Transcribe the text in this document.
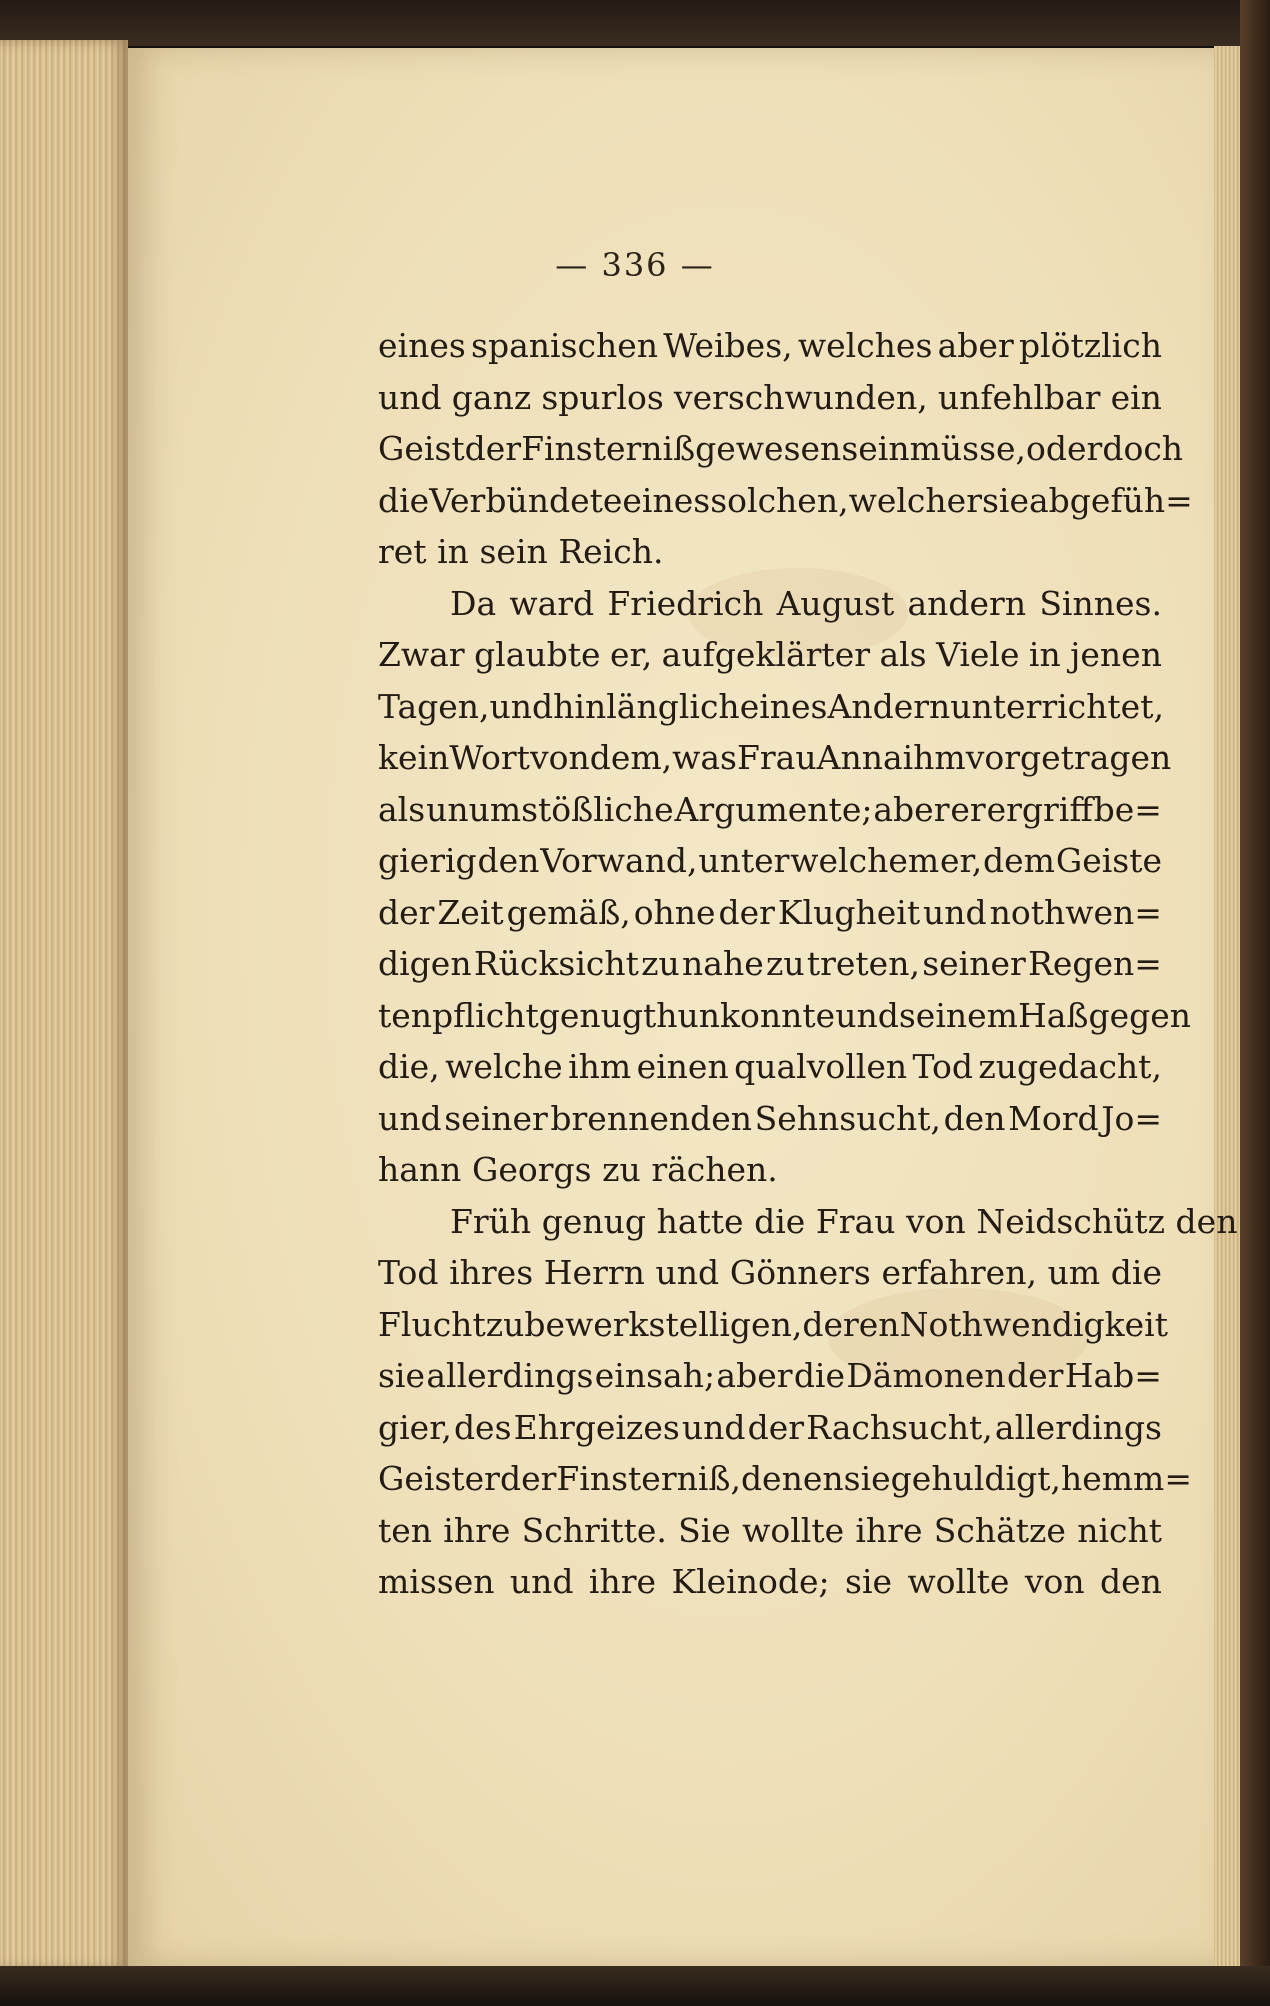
— 336 —
eines spanischen Weibes, welches aber plötzlich
und ganz spurlos verschwunden, unfehlbar ein
Geist der Finsterniß gewesen sein müsse, oder doch
die Verbündete eines solchen, welcher sie abgefüh=
ret in sein Reich.
Da ward Friedrich August andern Sinnes.
Zwar glaubte er, aufgeklärter als Viele in jenen
Tagen, und hinlänglich eines Andern unterrichtet,
kein Wort von dem, was Frau Anna ihm vorgetragen
als unumstößliche Argumente; aber er ergriff be=
gierig den Vorwand, unter welchem er, dem Geiste
der Zeit gemäß, ohne der Klugheit und nothwen=
digen Rücksicht zu nahe zu treten, seiner Regen=
tenpflicht genugthun konnte und seinem Haß gegen
die, welche ihm einen qualvollen Tod zugedacht,
und seiner brennenden Sehnsucht, den Mord Jo=
hann Georgs zu rächen.
Früh genug hatte die Frau von Neidschütz den
Tod ihres Herrn und Gönners erfahren, um die
Flucht zu bewerkstelligen, deren Nothwendigkeit
sie allerdings einsah; aber die Dämonen der Hab=
gier, des Ehrgeizes und der Rachsucht, allerdings
Geister der Finsterniß, denen sie gehuldigt, hemm=
ten ihre Schritte. Sie wollte ihre Schätze nicht
missen und ihre Kleinode; sie wollte von den
